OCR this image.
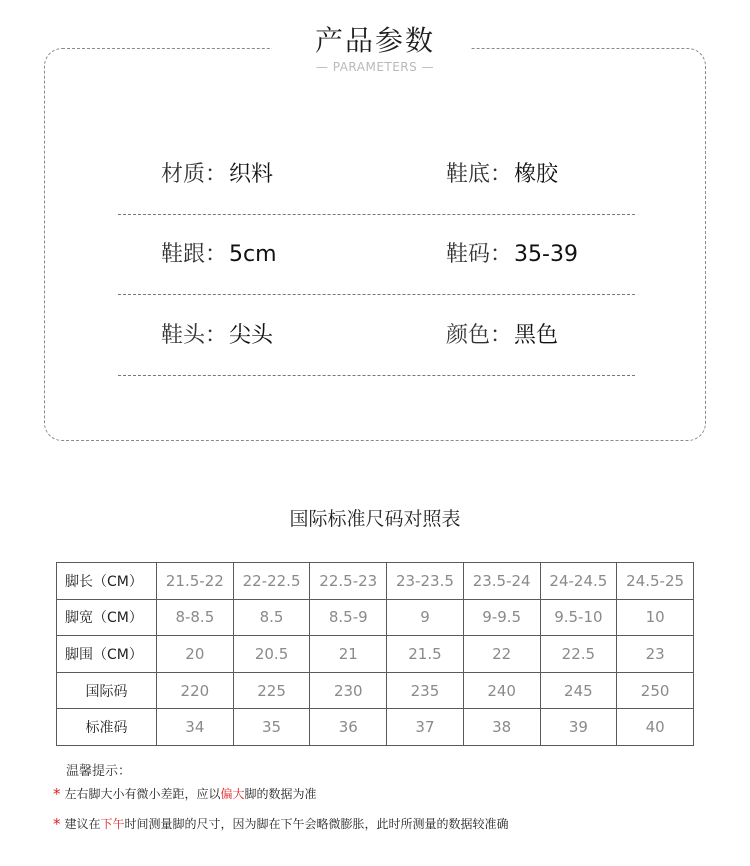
产品参数
— PARAMETERS —
材质：织料	鞋底：橡胶
鞋跟：5cm	鞋码：35-39
鞋头：尖头	颜色：黑色
国际标准尺码对照表
脚长（CM）	21.5-22	22-22.5	22.5-23	23-23.5	23.5-24	24-24.5	24.5-25
脚宽（CM）	8-8.5	8.5	8.5-9	9	9-9.5	9.5-10	10
脚围（CM）	20	20.5	21	21.5	22	22.5	23
国际码	220	225	230	235	240	245	250
标准码	34	35	36	37	38	39	40
温馨提示：
* 左右脚大小有微小差距，应以偏大脚的数据为准
* 建议在下午时间测量脚的尺寸，因为脚在下午会略微膨胀，此时所测量的数据较准确
